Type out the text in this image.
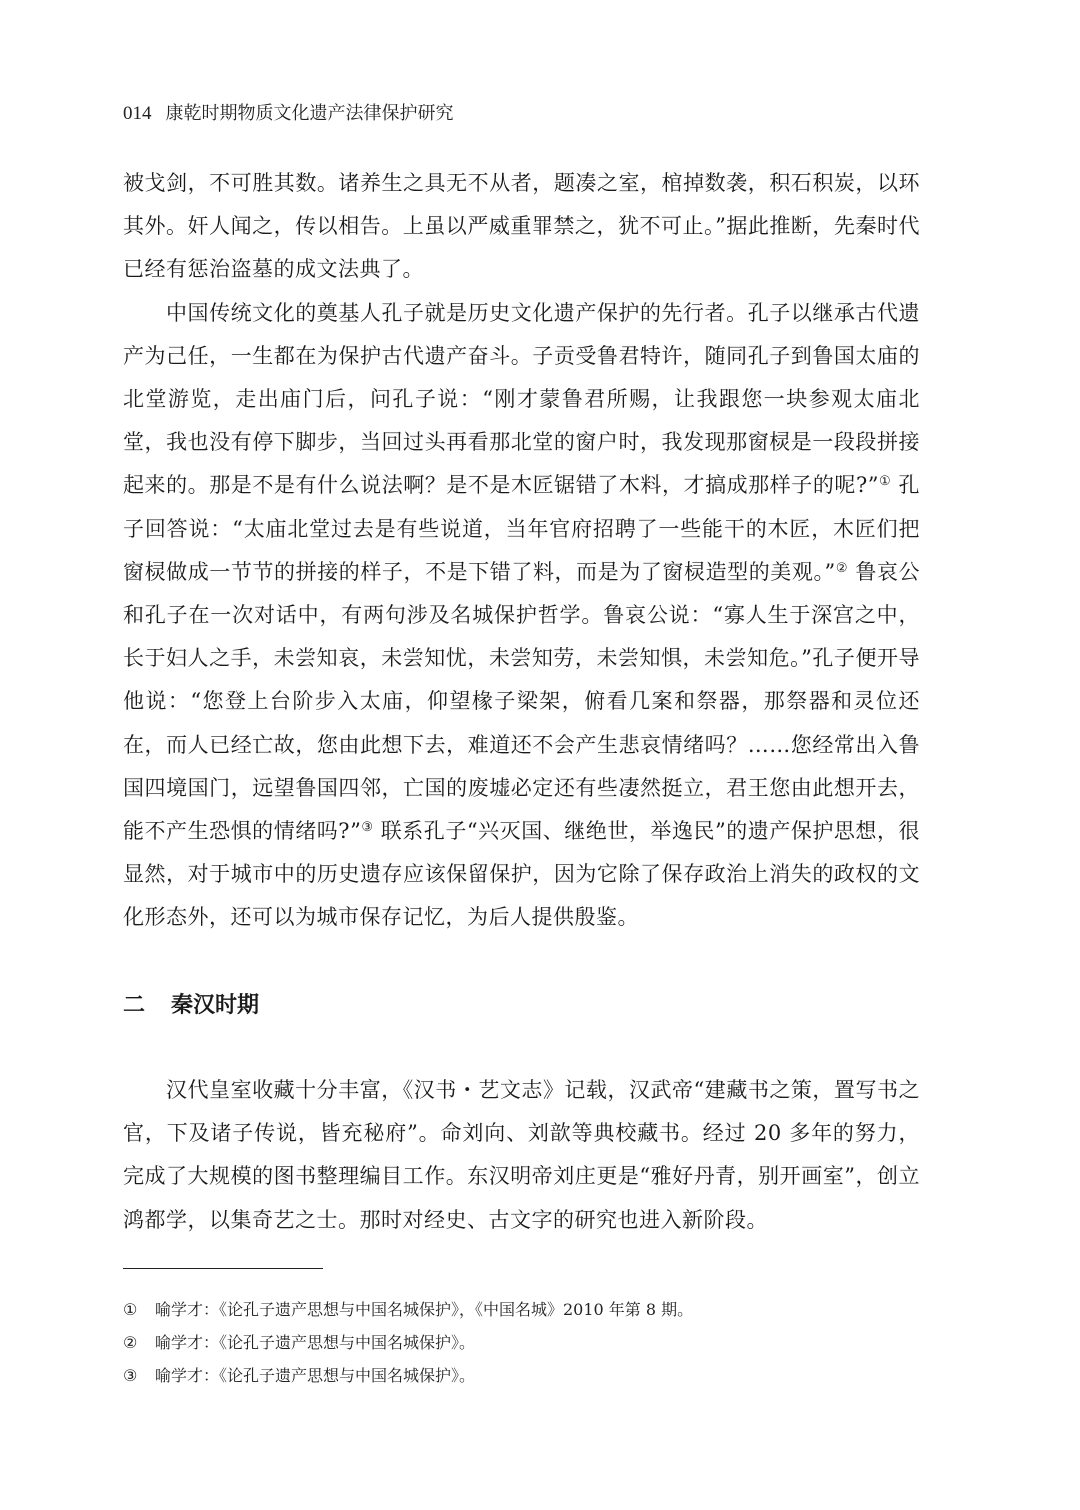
014 康乾时期物质文化遗产法律保护研究

被戈剑，不可胜其数。诸养生之具无不从者，题凑之室，棺掉数袭，积石积炭，以环其外。奸人闻之，传以相告。上虽以严威重罪禁之，犹不可止。”据此推断，先秦时代已经有惩治盗墓的成文法典了。

中国传统文化的奠基人孔子就是历史文化遗产保护的先行者。孔子以继承古代遗产为己任，一生都在为保护古代遗产奋斗。子贡受鲁君特许，随同孔子到鲁国太庙的北堂游览，走出庙门后，问孔子说：“刚才蒙鲁君所赐，让我跟您一块参观太庙北堂，我也没有停下脚步，当回过头再看那北堂的窗户时，我发现那窗棂是一段段拼接起来的。那是不是有什么说法啊？是不是木匠锯错了木料，才搞成那样子的呢?”① 孔子回答说：“太庙北堂过去是有些说道，当年官府招聘了一些能干的木匠，木匠们把窗棂做成一节节的拼接的样子，不是下错了料，而是为了窗棂造型的美观。”② 鲁哀公和孔子在一次对话中，有两句涉及名城保护哲学。鲁哀公说：“寡人生于深宫之中，长于妇人之手，未尝知哀，未尝知忧，未尝知劳，未尝知惧，未尝知危。”孔子便开导他说：“您登上台阶步入太庙，仰望椽子梁架，俯看几案和祭器，那祭器和灵位还在，而人已经亡故，您由此想下去，难道还不会产生悲哀情绪吗？……您经常出入鲁国四境国门，远望鲁国四邻，亡国的废墟必定还有些凄然挺立，君王您由此想开去，能不产生恐惧的情绪吗?”③ 联系孔子“兴灭国、继绝世，举逸民”的遗产保护思想，很显然，对于城市中的历史遗存应该保留保护，因为它除了保存政治上消失的政权的文化形态外，还可以为城市保存记忆，为后人提供殷鉴。

二 秦汉时期

汉代皇室收藏十分丰富，《汉书・艺文志》记载，汉武帝“建藏书之策，置写书之官，下及诸子传说，皆充秘府”。命刘向、刘歆等典校藏书。经过 20 多年的努力，完成了大规模的图书整理编目工作。东汉明帝刘庄更是“雅好丹青，别开画室”，创立鸿都学，以集奇艺之士。那时对经史、古文字的研究也进入新阶段。

① 喻学才：《论孔子遗产思想与中国名城保护》，《中国名城》2010 年第 8 期。
② 喻学才：《论孔子遗产思想与中国名城保护》。
③ 喻学才：《论孔子遗产思想与中国名城保护》。
